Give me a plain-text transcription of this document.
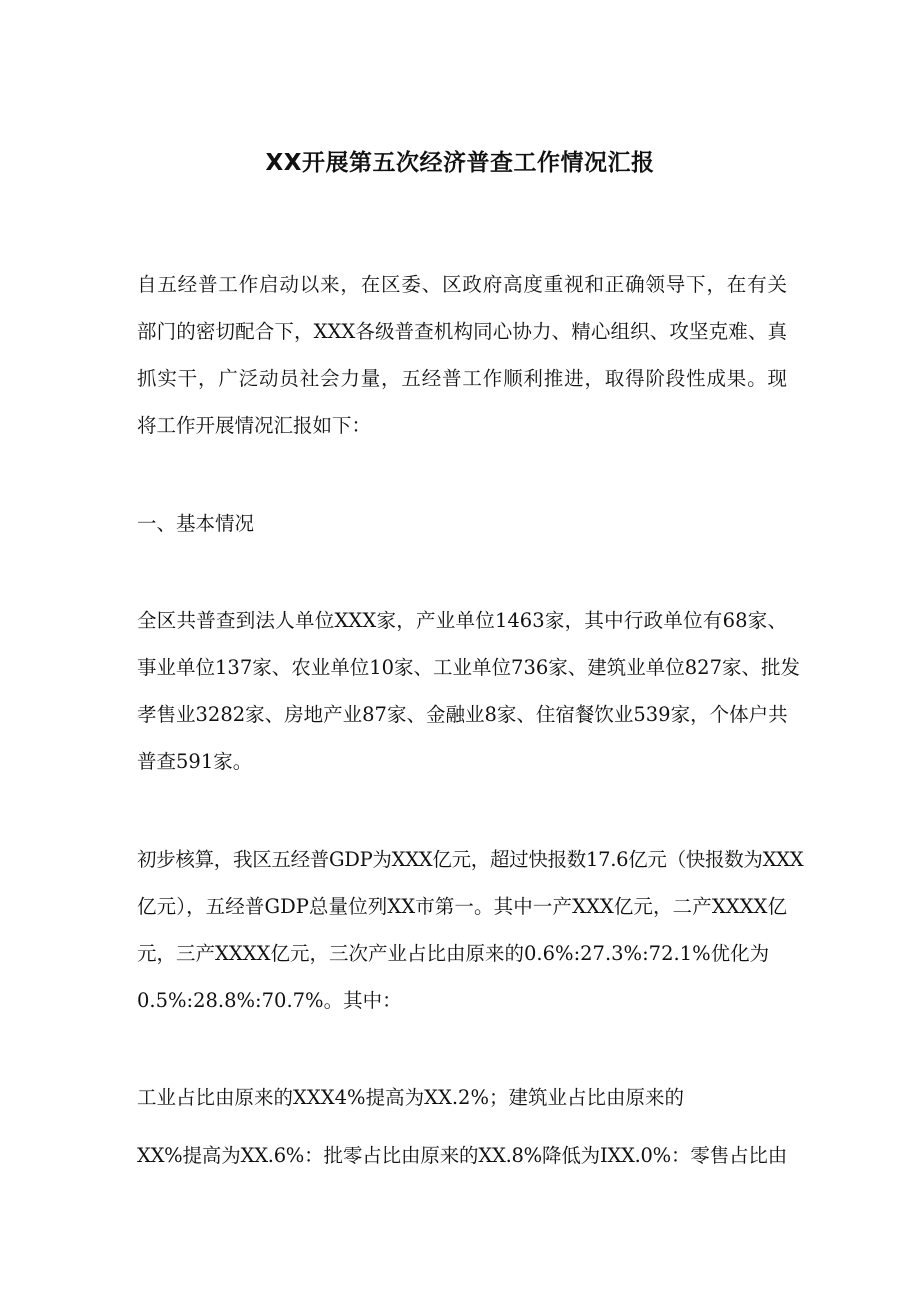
XX开展第五次经济普查工作情况汇报

自五经普工作启动以来，在区委、区政府高度重视和正确领导下，在有关

部门的密切配合下，XXX各级普查机构同心协力、精心组织、攻坚克难、真

抓实干，广泛动员社会力量，五经普工作顺利推进，取得阶段性成果。现

将工作开展情况汇报如下：

一、基本情况

全区共普查到法人单位XXX家，产业单位1463家，其中行政单位有68家、

事业单位137家、农业单位10家、工业单位736家、建筑业单位827家、批发

孝售业3282家、房地产业87家、金融业8家、住宿餐饮业539家，个体户共

普查591家。

初步核算，我区五经普GDP为XXX亿元，超过快报数17.6亿元（快报数为XXX

亿元），五经普GDP总量位列XX市第一。其中一产XXX亿元，二产XXXX亿

元，三产XXXX亿元，三次产业占比由原来的0.6%:27.3%:72.1%优化为

0.5%:28.8%:70.7%。其中：

工业占比由原来的XXX4%提高为XX.2%；建筑业占比由原来的

XX%提高为XX.6%：批零占比由原来的XX.8%降低为IXX.0%：零售占比由
